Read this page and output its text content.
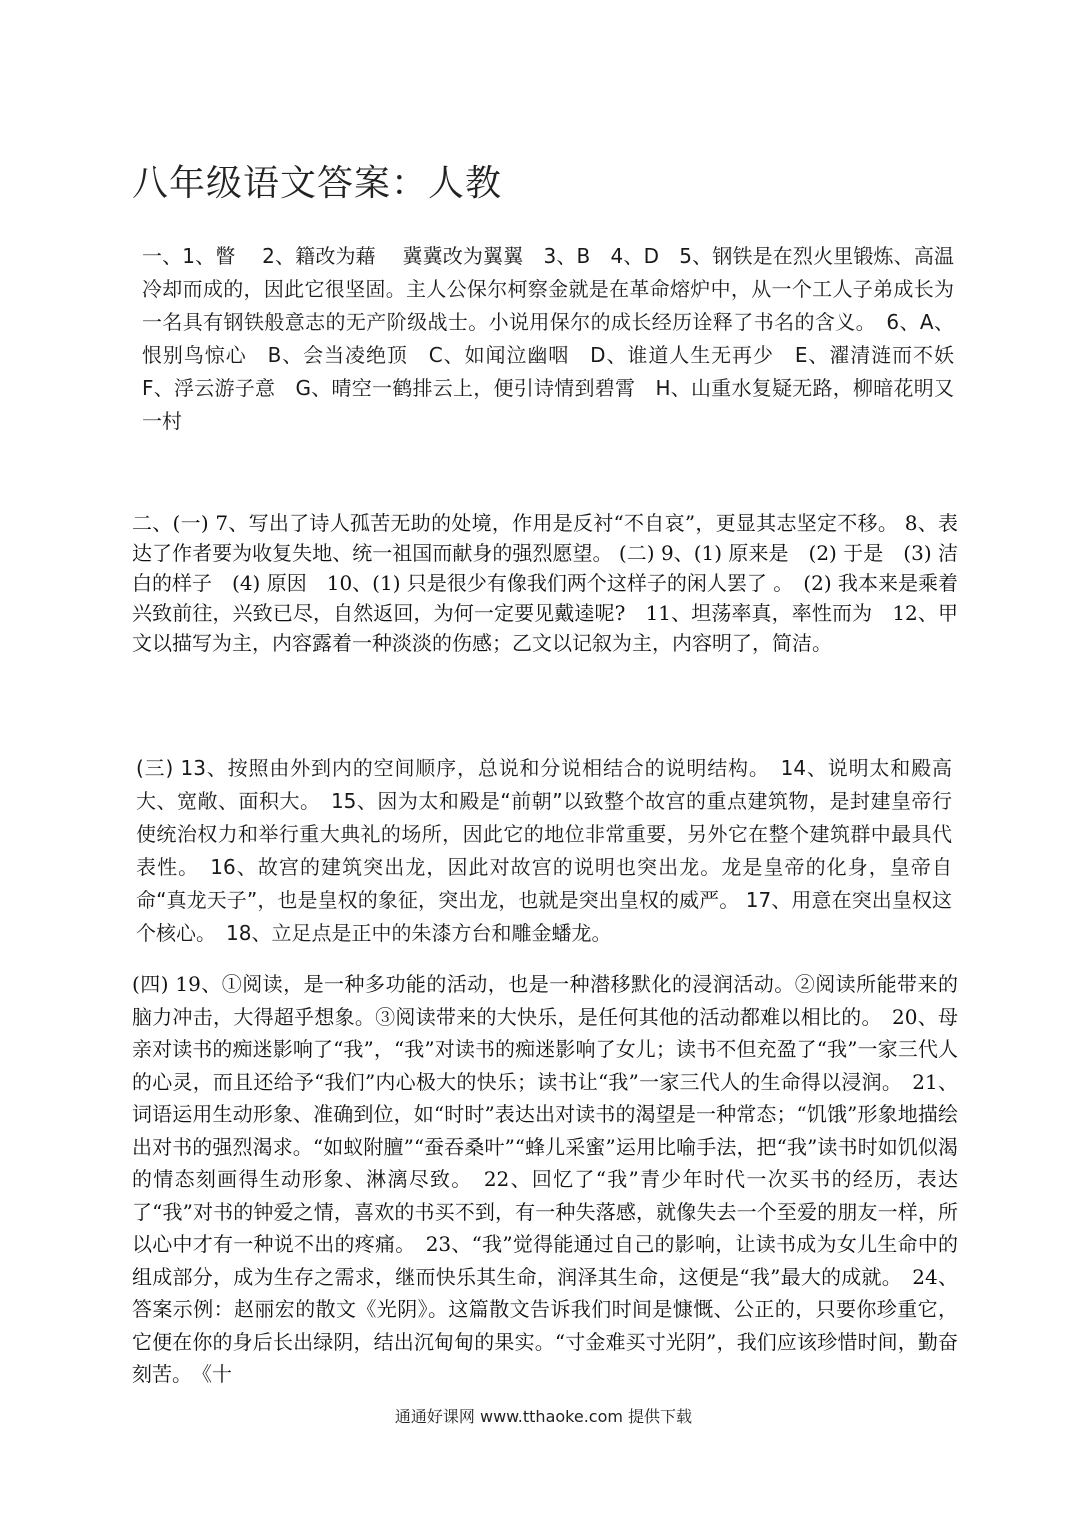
八年级语文答案：人教

一、1、瞥　 2、籍改为藉　 冀冀改为翼翼　3、B　4、D　5、钢铁是在烈火里锻炼、高温冷却而成的，因此它很坚固。主人公保尔柯察金就是在革命熔炉中，从一个工人子弟成长为一名具有钢铁般意志的无产阶级战士。小说用保尔的成长经历诠释了书名的含义。　6、A、恨别鸟惊心　B、会当凌绝顶　C、如闻泣幽咽　D、谁道人生无再少　E、濯清涟而不妖　F、浮云游子意　G、晴空一鹤排云上，便引诗情到碧霄　H、山重水复疑无路，柳暗花明又一村

二、(一) 7、写出了诗人孤苦无助的处境，作用是反衬“不自哀”，更显其志坚定不移。 8、表达了作者要为收复失地、统一祖国而献身的强烈愿望。 (二) 9、(1) 原来是　(2) 于是　(3) 洁白的样子　(4) 原因　10、(1) 只是很少有像我们两个这样子的闲人罢了 。　(2) 我本来是乘着兴致前往，兴致已尽，自然返回，为何一定要见戴逵呢?　11、坦荡率真，率性而为　12、甲文以描写为主，内容露着一种淡淡的伤感；乙文以记叙为主，内容明了，简洁。

(三) 13、按照由外到内的空间顺序，总说和分说相结合的说明结构。　14、说明太和殿高大、宽敞、面积大。　15、因为太和殿是“前朝”以致整个故宫的重点建筑物，是封建皇帝行使统治权力和举行重大典礼的场所，因此它的地位非常重要，另外它在整个建筑群中最具代表性。　16、故宫的建筑突出龙，因此对故宫的说明也突出龙。龙是皇帝的化身，皇帝自命“真龙天子”，也是皇权的象征，突出龙，也就是突出皇权的威严。 17、用意在突出皇权这个核心。　18、立足点是正中的朱漆方台和雕金蟠龙。

(四) 19、①阅读，是一种多功能的活动，也是一种潜移默化的浸润活动。②阅读所能带来的脑力冲击，大得超乎想象。③阅读带来的大快乐，是任何其他的活动都难以相比的。　20、母亲对读书的痴迷影响了“我”，“我”对读书的痴迷影响了女儿；读书不但充盈了“我”一家三代人的心灵，而且还给予“我们”内心极大的快乐；读书让“我”一家三代人的生命得以浸润。　21、词语运用生动形象、准确到位，如“时时”表达出对读书的渴望是一种常态；“饥饿”形象地描绘出对书的强烈渴求。“如蚁附膻”“蚕吞桑叶”“蜂儿采蜜”运用比喻手法，把“我”读书时如饥似渴的情态刻画得生动形象、淋漓尽致。　22、回忆了“我”青少年时代一次买书的经历，表达了“我”对书的钟爱之情，喜欢的书买不到，有一种失落感，就像失去一个至爱的朋友一样，所以心中才有一种说不出的疼痛。　23、“我”觉得能通过自己的影响，让读书成为女儿生命中的组成部分，成为生存之需求，继而快乐其生命，润泽其生命，这便是“我”最大的成就。　24、答案示例：赵丽宏的散文《光阴》。这篇散文告诉我们时间是慷慨、公正的，只要你珍重它，它便在你的身后长出绿阴，结出沉甸甸的果实。“寸金难买寸光阴”，我们应该珍惜时间，勤奋刻苦。　《十

通通好课网 www.tthaoke.com 提供下载
